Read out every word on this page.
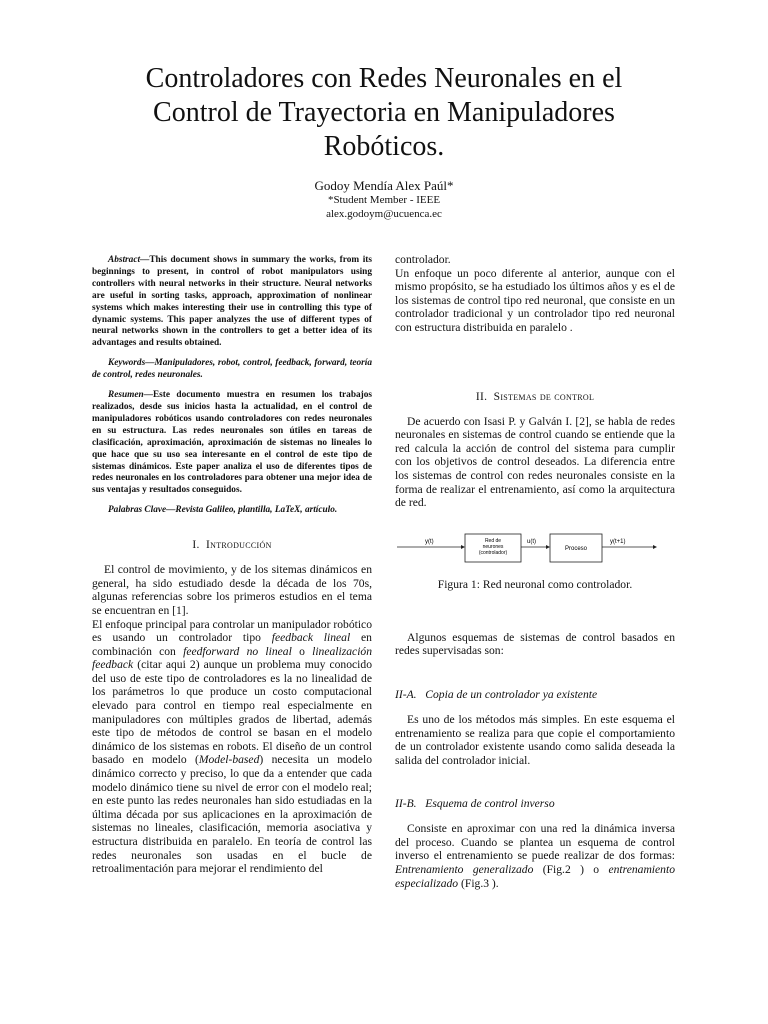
Controladores con Redes Neuronales en el Control de Trayectoria en Manipuladores Robóticos.
Godoy Mendía Alex Paúl*
*Student Member - IEEE
alex.godoym@ucuenca.ec

Abstract—This document shows in summary the works, from its beginnings to present, in control of robot manipulators using controllers with neural networks in their structure. Neural networks are useful in sorting tasks, approach, approximation of nonlinear systems which makes interesting their use in controlling this type of dynamic systems. This paper analyzes the use of different types of neural networks shown in the controllers to get a better idea of its advantages and results obtained.

Keywords—Manipuladores, robot, control, feedback, forward, teoría de control, redes neuronales.

Resumen—Este documento muestra en resumen los trabajos realizados, desde sus inicios hasta la actualidad, en el control de manipuladores robóticos usando controladores con redes neuronales en su estructura. Las redes neuronales son útiles en tareas de clasificación, aproximación, aproximación de sistemas no lineales lo que hace que su uso sea interesante en el control de este tipo de sistemas dinámicos. Este paper analiza el uso de diferentes tipos de redes neuronales en los controladores para obtener una mejor idea de sus ventajas y resultados conseguidos.

Palabras Clave—Revista Galileo, plantilla, LaTeX, artículo.

I. Introducción

El control de movimiento, y de los sitemas dinámicos en general, ha sido estudiado desde la década de los 70s, algunas referencias sobre los primeros estudios en el tema se encuentran en [1].

El enfoque principal para controlar un manipulador robótico es usando un controlador tipo feedback lineal en combinación con feedforward no lineal o linealización feedback (citar aqui 2) aunque un problema muy conocido del uso de este tipo de controladores es la no linealidad de los parámetros lo que produce un costo computacional elevado para control en tiempo real especialmente en manipuladores con múltiples grados de libertad, además este tipo de métodos de control se basan en el modelo dinámico de los sistemas en robots. El diseño de un control basado en modelo (Model-based) necesita un modelo dinámico correcto y preciso, lo que da a entender que cada modelo dinámico tiene su nivel de error con el modelo real; en este punto las redes neuronales han sido estudiadas en la última década por sus aplicaciones en la aproximación de sistemas no lineales, clasificación, memoria asociativa y estructura distribuida en paralelo. En teoría de control las redes neuronales son usadas en el bucle de retroalimentación para mejorar el rendimiento del

controlador.

Un enfoque un poco diferente al anterior, aunque con el mismo propósito, se ha estudiado los últimos años y es el de los sistemas de control tipo red neuronal, que consiste en un controlador tradicional y un controlador tipo red neuronal con estructura distribuida en paralelo .

II. Sistemas de control

De acuerdo con Isasi P. y Galván I. [2], se habla de redes neuronales en sistemas de control cuando se entiende que la red calcula la acción de control del sistema para cumplir con los objetivos de control deseados. La diferencia entre los sistemas de control con redes neuronales consiste en la forma de realizar el entrenamiento, así como la arquitectura de red.

y(t)	Red de
neurones
(controlador)
u(t)
Proceso
y(t+1)
Figura 1: Red neuronal como controlador.

Algunos esquemas de sistemas de control basados en redes supervisadas son:

II-A. Copia de un controlador ya existente

Es uno de los métodos más simples. En este esquema el entrenamiento se realiza para que copie el comportamiento de un controlador existente usando como salida deseada la salida del controlador inicial.

II-B. Esquema de control inverso

Consiste en aproximar con una red la dinámica inversa del proceso. Cuando se plantea un esquema de control inverso el entrenamiento se puede realizar de dos formas: Entrenamiento generalizado (Fig.2 ) o entrenamiento especializado (Fig.3 ).
